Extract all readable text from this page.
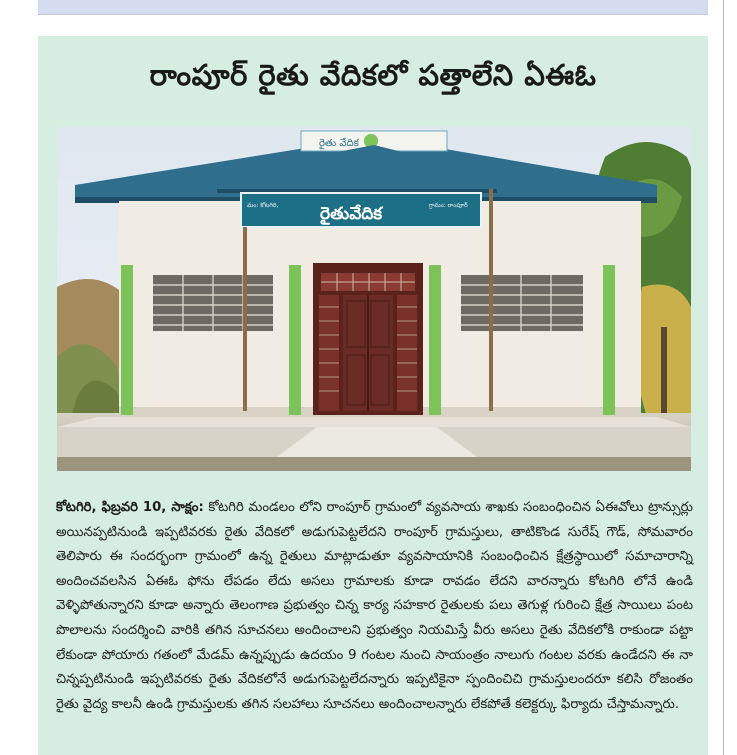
రాంపూర్ రైతు వేదికలో పత్తాలేని ఏఈఓ
రైతు వేదిక
మం: కోటగిరి, రైతువేదిక	గ్రామం: రాంపూర్
కోటగిరి, ఫిబ్రవరి 10, సాక్షం: కోటగిరి మండలం లోని రాంపూర్ గ్రామంలో వ్యవసాయ శాఖకు సంబంధించిన ఏఈవోలు ట్రాన్సుర్లు అయినప్పటినుండి ఇప్పటివరకు రైతు వేదికలో అడుగుపెట్టలేదని రాంపూర్ గ్రామస్తులు, తాటికొండ సురేష్ గౌడ్, సోమవారం తెలిపారు ఈ సందర్భంగా గ్రామంలో ఉన్న రైతులు మాట్లాడుతూ వ్యవసాయానికి సంబంధించిన క్షేత్రస్థాయిలో సమాచారాన్ని అందించవలసిన ఏఈఓ ఫోను లేపడం లేదు అసలు గ్రామాలకు కూడా రావడం లేదని వారన్నారు కోటగిరి లోనే ఉండి వెళ్ళిపోతున్నారని కూడా అన్నారు తెలంగాణ ప్రభుత్వం చిన్న కార్య సహకార రైతులకు పలు తెగుళ్ల గురించి క్షేత్ర సాయిలు పంట పొలాలను సందర్శించి వారికి తగిన సూచనలు అందించాలని ప్రభుత్వం నియమిస్తే వీరు అసలు రైతు వేదికలోకి రాకుండా పట్టా లేకుండా పోయారు గతంలో మేడమ్ ఉన్నప్పుడు ఉదయం 9 గంటల నుంచి సాయంత్రం నాలుగు గంటల వరకు ఉండేదని ఈ నా చిన్నప్పటినుండి ఇప్పటివరకు రైతు వేదికలోనే అడుగుపెట్టలేదన్నారు ఇప్పటికైనా స్పందించిచి గ్రామస్తులందరూ కలిసి రోజంతం రైతు వైద్య కాలనీ ఉండి గ్రామస్తులకు తగిన సలహాలు సూచనలు అందించాలన్నారు లేకపోతే కలెక్టర్కు ఫిర్యాదు చేస్తామన్నారు.
